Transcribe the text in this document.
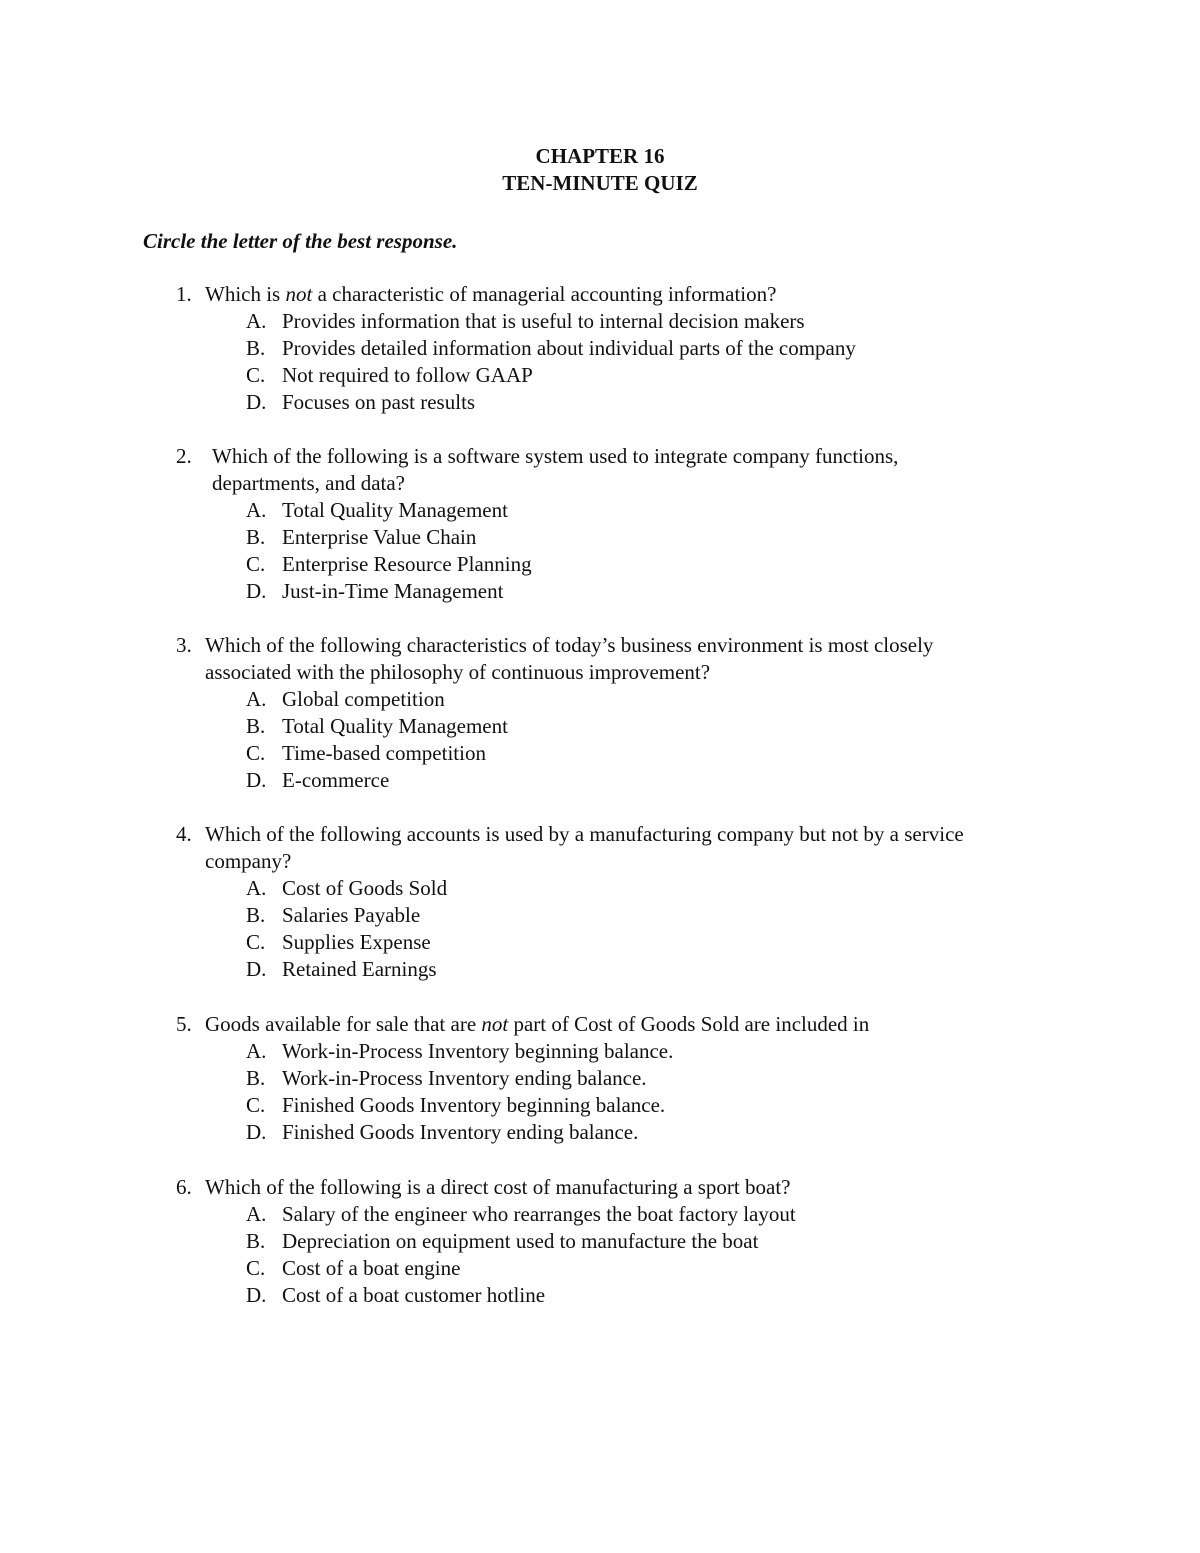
CHAPTER 16
TEN-MINUTE QUIZ
Circle the letter of the best response.
1. Which is not a characteristic of managerial accounting information?
A. Provides information that is useful to internal decision makers
B. Provides detailed information about individual parts of the company
C. Not required to follow GAAP
D. Focuses on past results
2. Which of the following is a software system used to integrate company functions,
departments, and data?
A. Total Quality Management
B. Enterprise Value Chain
C. Enterprise Resource Planning
D. Just-in-Time Management
3. Which of the following characteristics of today’s business environment is most closely
associated with the philosophy of continuous improvement?
A. Global competition
B. Total Quality Management
C. Time-based competition
D. E-commerce
4. Which of the following accounts is used by a manufacturing company but not by a service
company?
A. Cost of Goods Sold
B. Salaries Payable
C. Supplies Expense
D. Retained Earnings
5. Goods available for sale that are not part of Cost of Goods Sold are included in
A. Work-in-Process Inventory beginning balance.
B. Work-in-Process Inventory ending balance.
C. Finished Goods Inventory beginning balance.
D. Finished Goods Inventory ending balance.
6. Which of the following is a direct cost of manufacturing a sport boat?
A. Salary of the engineer who rearranges the boat factory layout
B. Depreciation on equipment used to manufacture the boat
C. Cost of a boat engine
D. Cost of a boat customer hotline
